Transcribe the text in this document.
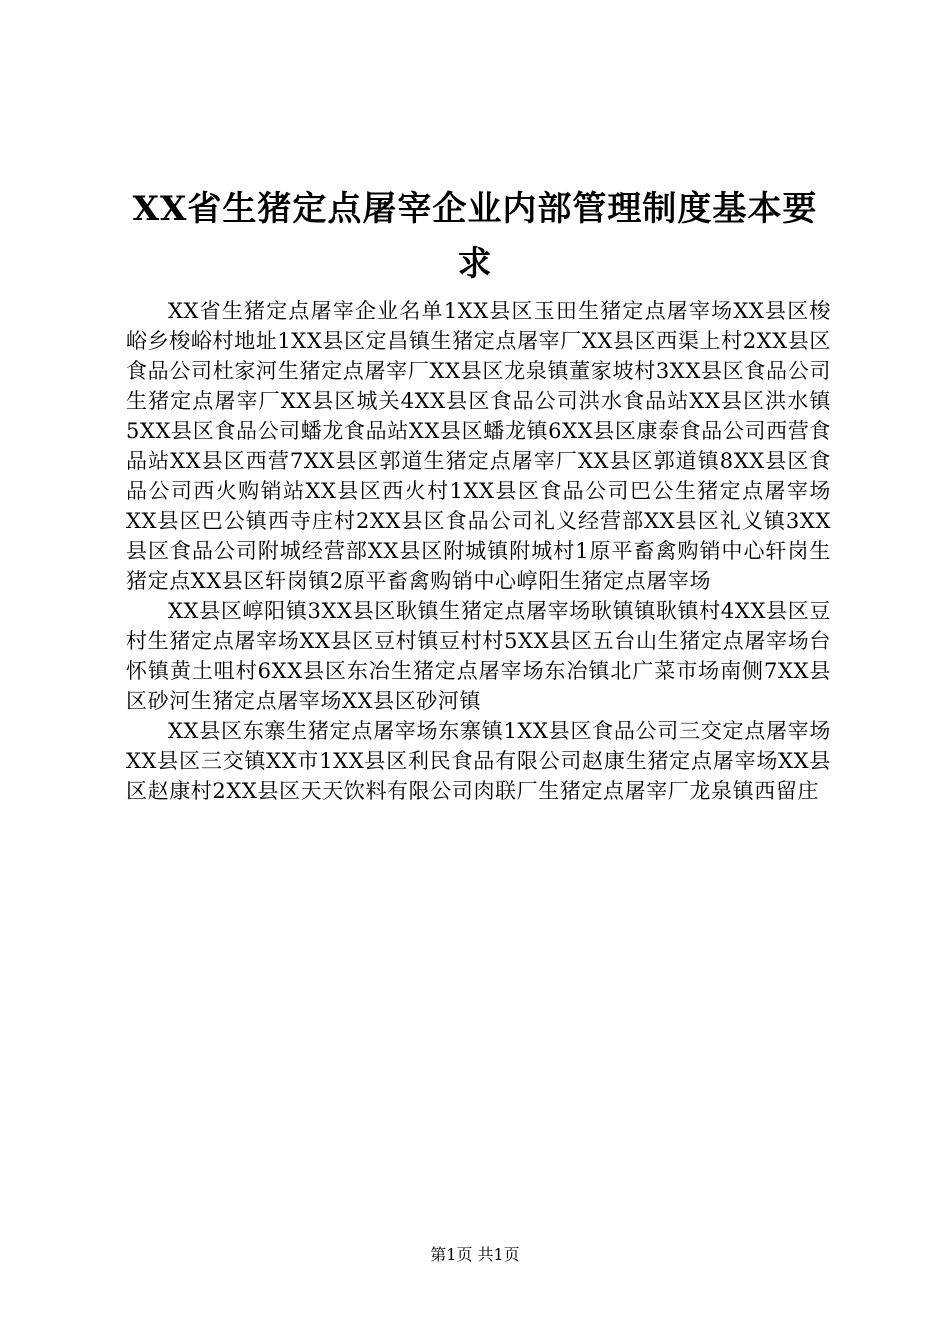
XX省生猪定点屠宰企业内部管理制度基本要求

XX省生猪定点屠宰企业名单1XX县区玉田生猪定点屠宰场XX县区梭峪乡梭峪村地址1XX县区定昌镇生猪定点屠宰厂XX县区西渠上村2XX县区食品公司杜家河生猪定点屠宰厂XX县区龙泉镇董家坡村3XX县区食品公司生猪定点屠宰厂XX县区城关4XX县区食品公司洪水食品站XX县区洪水镇5XX县区食品公司蟠龙食品站XX县区蟠龙镇6XX县区康泰食品公司西营食品站XX县区西营7XX县区郭道生猪定点屠宰厂XX县区郭道镇8XX县区食品公司西火购销站XX县区西火村1XX县区食品公司巴公生猪定点屠宰场XX县区巴公镇西寺庄村2XX县区食品公司礼义经营部XX县区礼义镇3XX县区食品公司附城经营部XX县区附城镇附城村1原平畜禽购销中心轩岗生猪定点XX县区轩岗镇2原平畜禽购销中心崞阳生猪定点屠宰场

XX县区崞阳镇3XX县区耿镇生猪定点屠宰场耿镇镇耿镇村4XX县区豆村生猪定点屠宰场XX县区豆村镇豆村村5XX县区五台山生猪定点屠宰场台怀镇黄土咀村6XX县区东冶生猪定点屠宰场东冶镇北广菜市场南侧7XX县区砂河生猪定点屠宰场XX县区砂河镇

XX县区东寨生猪定点屠宰场东寨镇1XX县区食品公司三交定点屠宰场XX县区三交镇XX市1XX县区利民食品有限公司赵康生猪定点屠宰场XX县区赵康村2XX县区天天饮料有限公司肉联厂生猪定点屠宰厂龙泉镇西留庄

第1页 共1页
